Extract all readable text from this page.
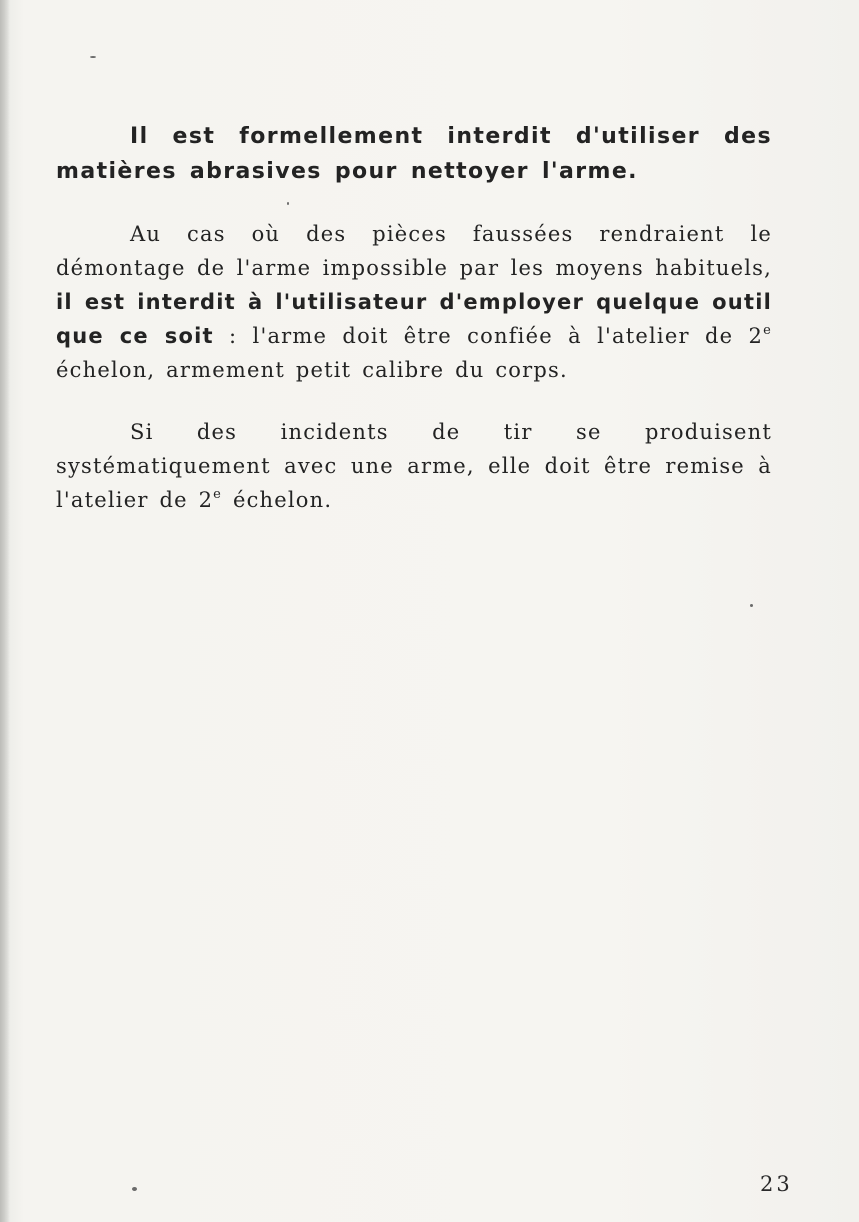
Il est formellement interdit d'utiliser des matières abrasives pour nettoyer l'arme.

Au cas où des pièces faussées rendraient le démontage de l'arme impossible par les moyens habituels, il est interdit à l'utilisateur d'employer quelque outil que ce soit : l'arme doit être confiée à l'atelier de 2e échelon, armement petit calibre du corps.

Si des incidents de tir se produisent systématiquement avec une arme, elle doit être remise à l'atelier de 2e échelon.

23
